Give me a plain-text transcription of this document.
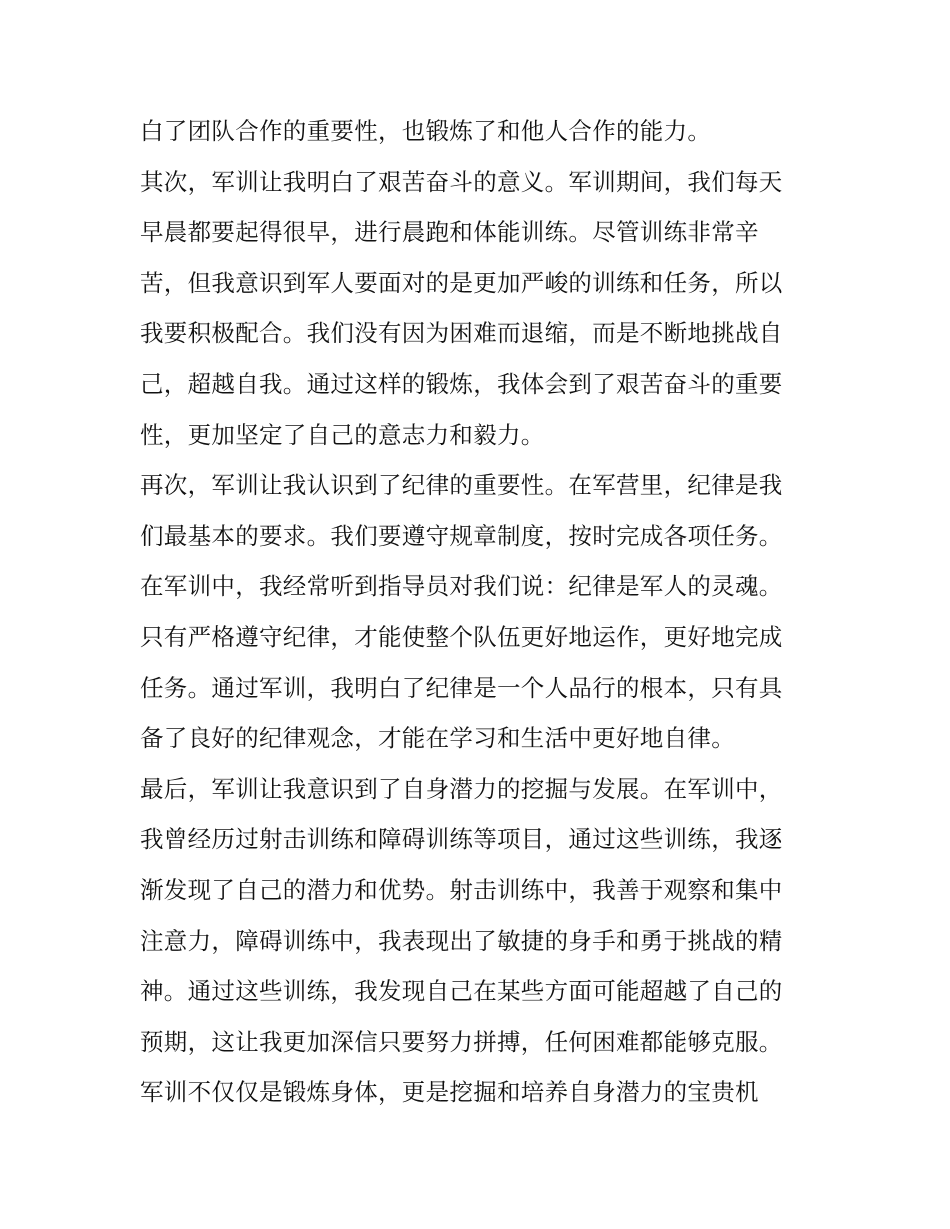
白了团队合作的重要性，也锻炼了和他人合作的能力。
其次，军训让我明白了艰苦奋斗的意义。军训期间，我们每天
早晨都要起得很早，进行晨跑和体能训练。尽管训练非常辛
苦，但我意识到军人要面对的是更加严峻的训练和任务，所以
我要积极配合。我们没有因为困难而退缩，而是不断地挑战自
己，超越自我。通过这样的锻炼，我体会到了艰苦奋斗的重要
性，更加坚定了自己的意志力和毅力。
再次，军训让我认识到了纪律的重要性。在军营里，纪律是我
们最基本的要求。我们要遵守规章制度，按时完成各项任务。
在军训中，我经常听到指导员对我们说：纪律是军人的灵魂。
只有严格遵守纪律，才能使整个队伍更好地运作，更好地完成
任务。通过军训，我明白了纪律是一个人品行的根本，只有具
备了良好的纪律观念，才能在学习和生活中更好地自律。
最后，军训让我意识到了自身潜力的挖掘与发展。在军训中，
我曾经历过射击训练和障碍训练等项目，通过这些训练，我逐
渐发现了自己的潜力和优势。射击训练中，我善于观察和集中
注意力，障碍训练中，我表现出了敏捷的身手和勇于挑战的精
神。通过这些训练，我发现自己在某些方面可能超越了自己的
预期，这让我更加深信只要努力拼搏，任何困难都能够克服。
军训不仅仅是锻炼身体，更是挖掘和培养自身潜力的宝贵机
